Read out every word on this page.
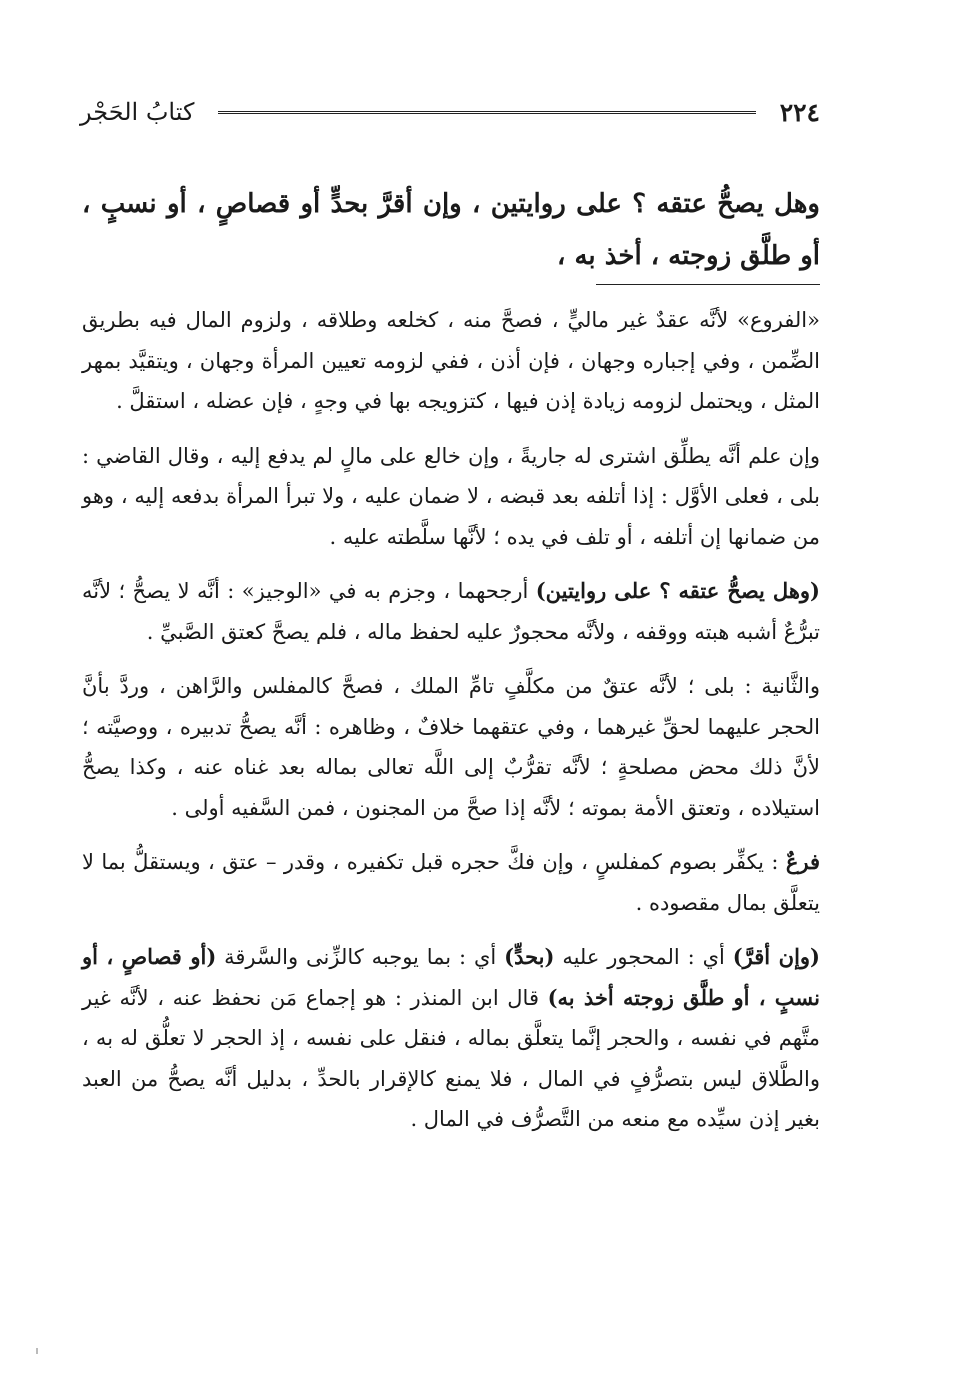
٢٢٤
كتابُ الحَجْر
وهل يصحُّ عتقه ؟ على روايتين ، وإن أقرَّ بحدٍّ أو قصاصٍ ، أو نسبٍ ، أو طلَّق زوجته ، أخذ به ،

«الفروع» لأنَّه عقدٌ غير ماليٍّ ، فصحَّ منه ، كخلعه وطلاقه ، ولزوم المال فيه بطريق الضِّمن ، وفي إجباره وجهان ، فإن أذن ، ففي لزومه تعيين المرأة وجهان ، ويتقيَّد بمهر المثل ، ويحتمل لزومه زيادة إذن فيها ، كتزويجه بها في وجهٍ ، فإن عضله ، استقلَّ .

وإن علم أنَّه يطلِّق اشترى له جاريةً ، وإن خالع على مالٍ لم يدفع إليه ، وقال القاضي : بلى ، فعلى الأوَّل : إذا أتلفه بعد قبضه ، لا ضمان عليه ، ولا تبرأ المرأة بدفعه إليه ، وهو من ضمانها إن أتلفه ، أو تلف في يده ؛ لأنَّها سلَّطته عليه .

(وهل يصحُّ عتقه ؟ على روايتين) أرجحهما ، وجزم به في «الوجيز» : أنَّه لا يصحُّ ؛ لأنَّه تبرُّعٌ أشبه هبته ووقفه ، ولأنَّه محجورٌ عليه لحفظ ماله ، فلم يصحَّ كعتق الصَّبيِّ .

والثَّانية : بلى ؛ لأنَّه عتقٌ من مكلَّفٍ تامِّ الملك ، فصحَّ كالمفلس والرَّاهن ، وردَّ بأنَّ الحجر عليهما لحقِّ غيرهما ، وفي عتقهما خلافٌ ، وظاهره : أنَّه يصحُّ تدبيره ، ووصيَّته ؛ لأنَّ ذلك محض مصلحةٍ ؛ لأنَّه تقرُّبٌ إلى اللَّه تعالى بماله بعد غناه عنه ، وكذا يصحُّ استيلاده ، وتعتق الأمة بموته ؛ لأنَّه إذا صحَّ من المجنون ، فمن السَّفيه أولى .

فرعٌ : يكفِّر بصوم كمفلسٍ ، وإن فكَّ حجره قبل تكفيره ، وقدر – عتق ، ويستقلُّ بما لا يتعلَّق بمال مقصوده .

(وإن أقرَّ) أي : المحجور عليه (بحدٍّ) أي : بما يوجبه كالزِّنى والسَّرقة (أو قصاصٍ ، أو نسبٍ ، أو طلَّق زوجته أخذ به) قال ابن المنذر : هو إجماع مَن نحفظ عنه ، لأنَّه غير متَّهم في نفسه ، والحجر إنَّما يتعلَّق بماله ، فنقل على نفسه ، إذ الحجر لا تعلُّق له به ، والطَّلاق ليس بتصرُّفٍ في المال ، فلا يمنع كالإقرار بالحدِّ ، بدليل أنَّه يصحُّ من العبد بغير إذن سيِّده مع منعه من التَّصرُّف في المال .
